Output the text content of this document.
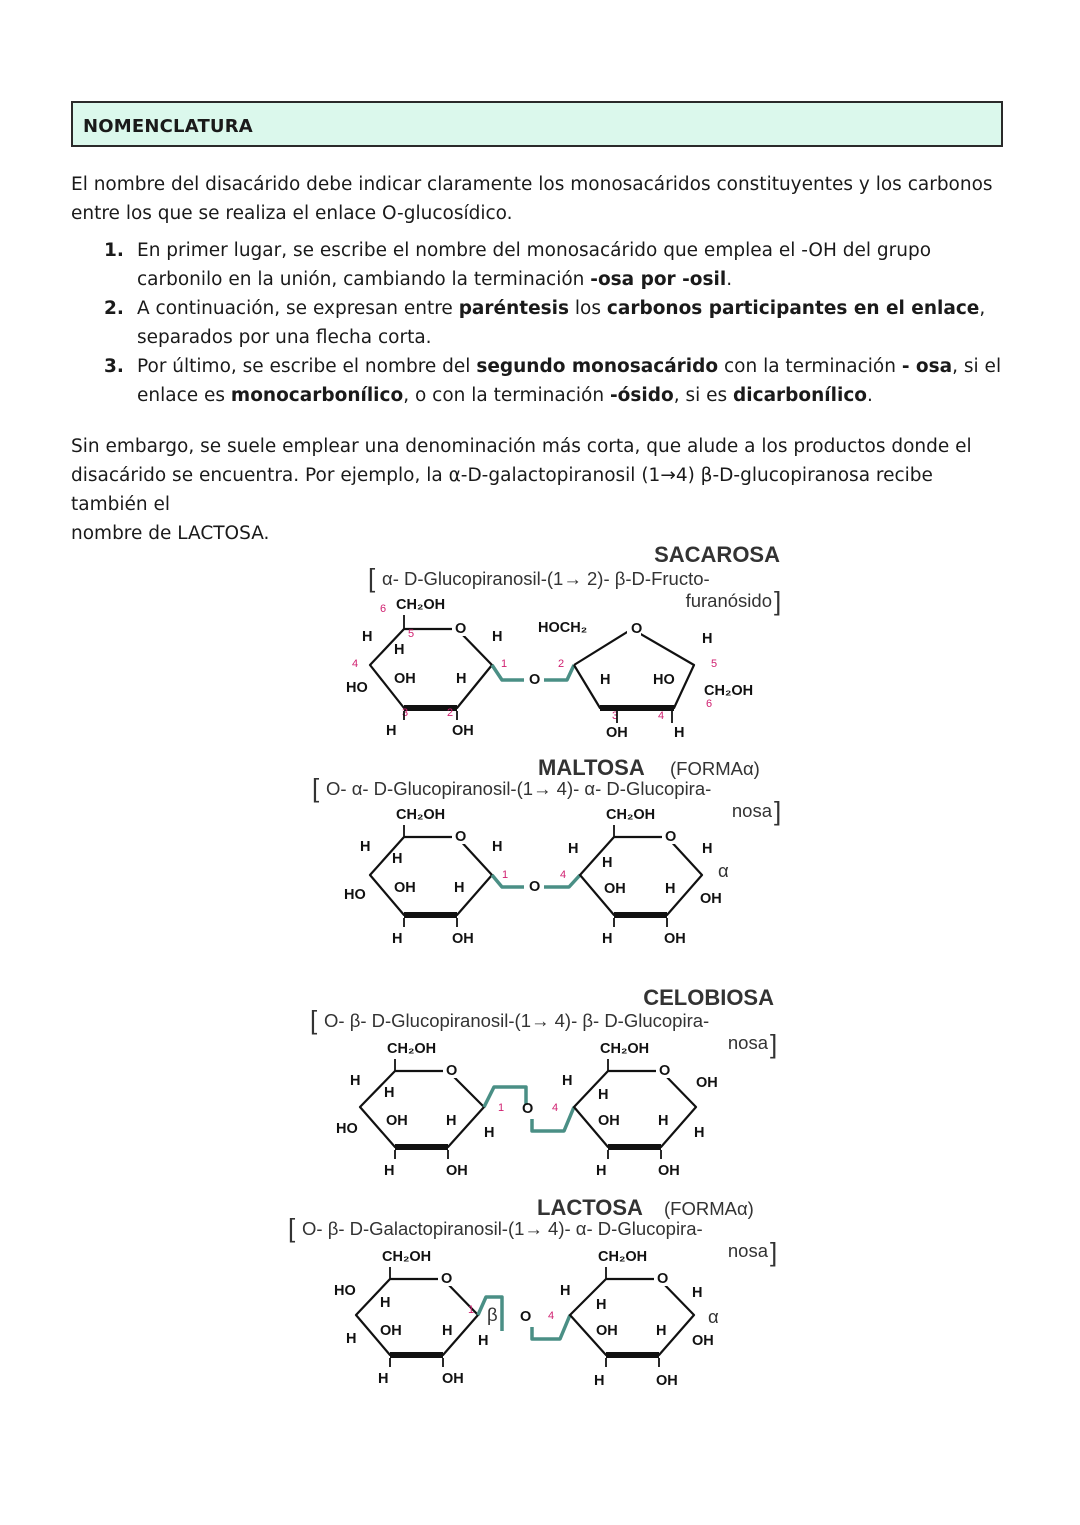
NOMENCLATURA

El nombre del disacárido debe indicar claramente los monosacáridos constituyentes y los carbonos
entre los que se realiza el enlace O-glucosídico.

1. En primer lugar, se escribe el nombre del monosacárido que emplea el -OH del grupo carbonilo en la unión, cambiando la terminación -osa por -osil.
2. A continuación, se expresan entre paréntesis los carbonos participantes en el enlace, separados por una flecha corta.
3. Por último, se escribe el nombre del segundo monosacárido con la terminación - osa, si el enlace es monocarbonílico, o con la terminación -ósido, si es dicarbonílico.

Sin embargo, se suele emplear una denominación más corta, que alude a los productos donde el
disacárido se encuentra. Por ejemplo, la α-D-galactopiranosil (1→4) β-D-glucopiranosa recibe también el
nombre de LACTOSA.

SACAROSA
[ α- D-Glucopiranosil-(1→ 2)- β-D-Fructo-
furanósido ]
6 CH₂OH
O
5
H
H
4
HO
OH	H
H
1
3	2
H	OH
O
2
HOCH₂	O
H
5
CH₂OH
6
H	HO
3	4
OH	H
MALTOSA (FORMAα)
[ O- α- D-Glucopiranosil-(1→ 4)- α- D-Glucopira-
nosa ]
CH₂OH
O
H
H
HO OH	H
H
1
H	OH
O
4
CH₂OH
O
H
H
OH	H
H
α
OH
H	OH
CELOBIOSA
[ O- β- D-Glucopiranosil-(1→ 4)- β- D-Glucopira-
nosa ]
CH₂OH
O
H
H
HO OH	H
H
1
H	OH
O 4
CH₂OH
O
H
H
OH	H
OH
H
H	OH
LACTOSA (FORMAα)
[ O- β- D-Galactopiranosil-(1→ 4)- α- D-Glucopira-
nosa ]
CH₂OH
O
HO
H
H OH	H
H
1 β
H	OH
O 4
CH₂OH
O
H
H
OH	H
H
α
OH
H	OH
